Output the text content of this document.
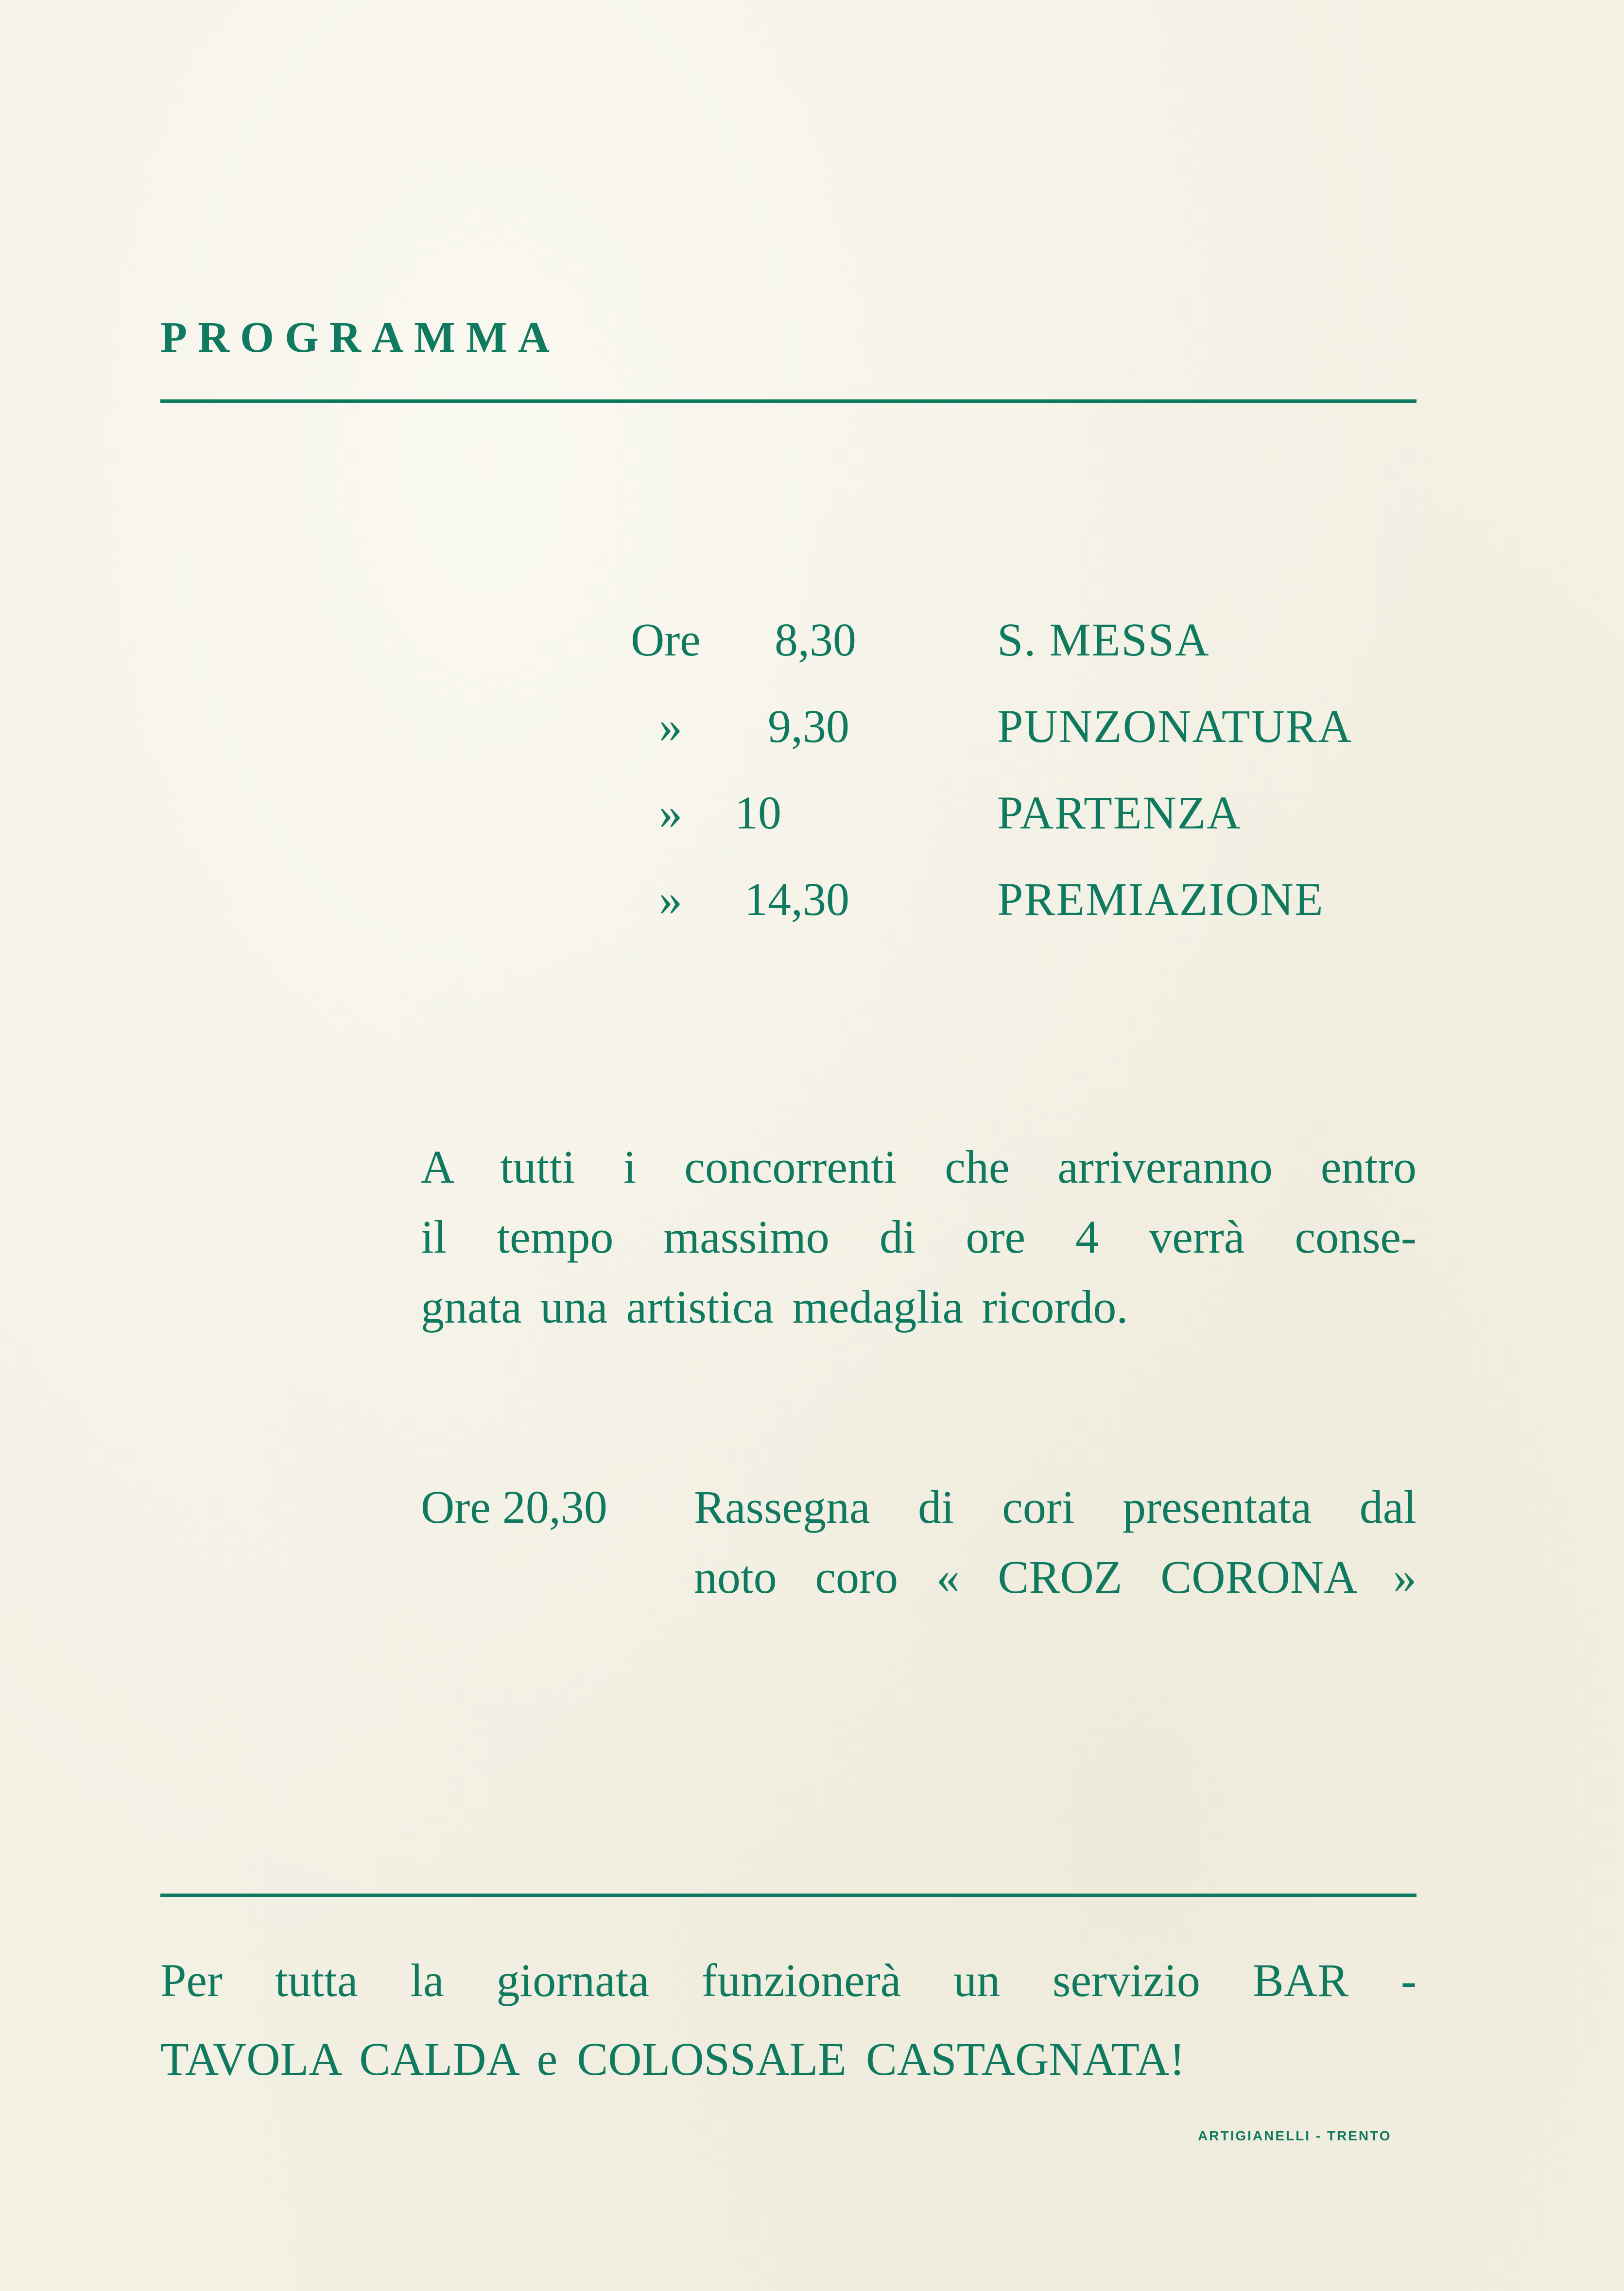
PROGRAMMA
Ore	8,30	S. MESSA
»	9,30	PUNZONATURA
» 10	PARTENZA
»	14,30	PREMIAZIONE
A tutti i concorrenti che arriveranno entro
il tempo massimo di ore 4 verrà conse-
gnata una artistica medaglia ricordo.
Ore 20,30 Rassegna di cori presentata dal
noto coro « CROZ CORONA »
Per tutta la giornata funzionerà un servizio BAR -
TAVOLA CALDA e COLOSSALE CASTAGNATA!
ARTIGIANELLI - TRENTO
